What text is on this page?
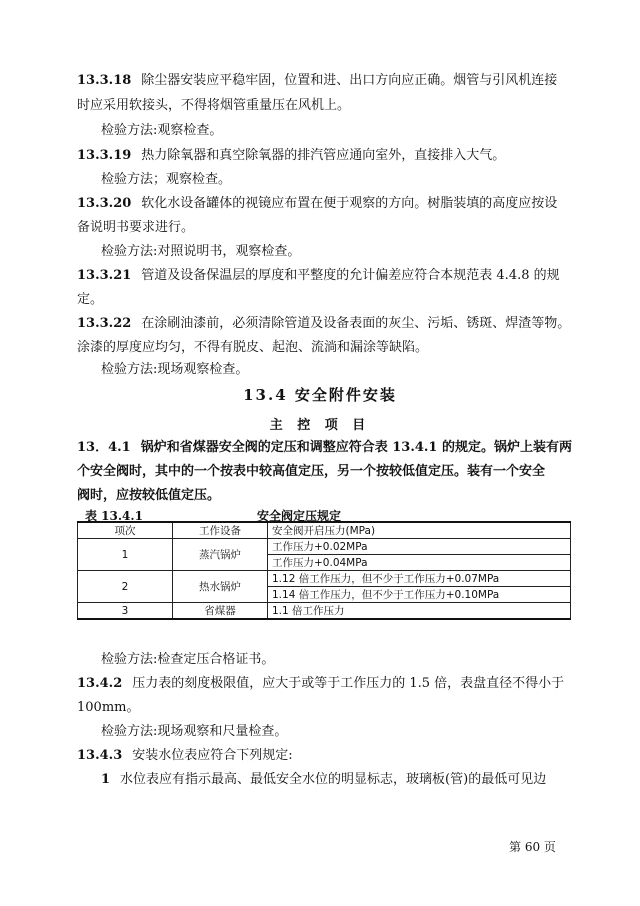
13.3.18 除尘器安装应平稳牢固，位置和进、出口方向应正确。烟管与引风机连接
时应采用软接头，不得将烟管重量压在风机上。
检验方法:观察检查。
13.3.19 热力除氧器和真空除氧器的排汽管应通向室外，直接排入大气。
检验方法；观察检查。
13.3.20 软化水设备罐体的视镜应布置在便于观察的方向。树脂装填的高度应按设
备说明书要求进行。
检验方法:对照说明书，观察检查。
13.3.21 管道及设备保温层的厚度和平整度的允计偏差应符合本规范表 4.4.8 的规
定。
13.3.22 在涂刷油漆前，必须清除管道及设备表面的灰尘、污垢、锈斑、焊渣等物。
涂漆的厚度应均匀，不得有脱皮、起泡、流淌和漏涂等缺陷。
检验方法:现场观察检查。
13.4 安全附件安装
主 控 项 目
13．4.1 锅炉和省煤器安全阀的定压和调整应符合表 13.4.1 的规定。锅炉上装有两
个安全阀时，其中的一个按表中较高值定压，另一个按较低值定压。装有一个安全
阀时，应按较低值定压。
表 13.4.1	安全阀定压规定
项次	工作设备	安全阀开启压力(MPa)
1	蒸汽锅炉	工作压力+0.02MPa
		工作压力+0.04MPa
2	热水锅炉	1.12 倍工作压力，但不少于工作压力+0.07MPa
		1.14 倍工作压力，但不少于工作压力+0.10MPa
3	省煤器	1.1 倍工作压力
检验方法:检查定压合格证书。
13.4.2 压力表的刻度极限值，应大于或等于工作压力的 1.5 倍，表盘直径不得小于
100mm。
检验方法:现场观察和尺量检查。
13.4.3 安装水位表应符合下列规定:
1 水位表应有指示最高、最低安全水位的明显标志，玻璃板(管)的最低可见边
第 60 页
